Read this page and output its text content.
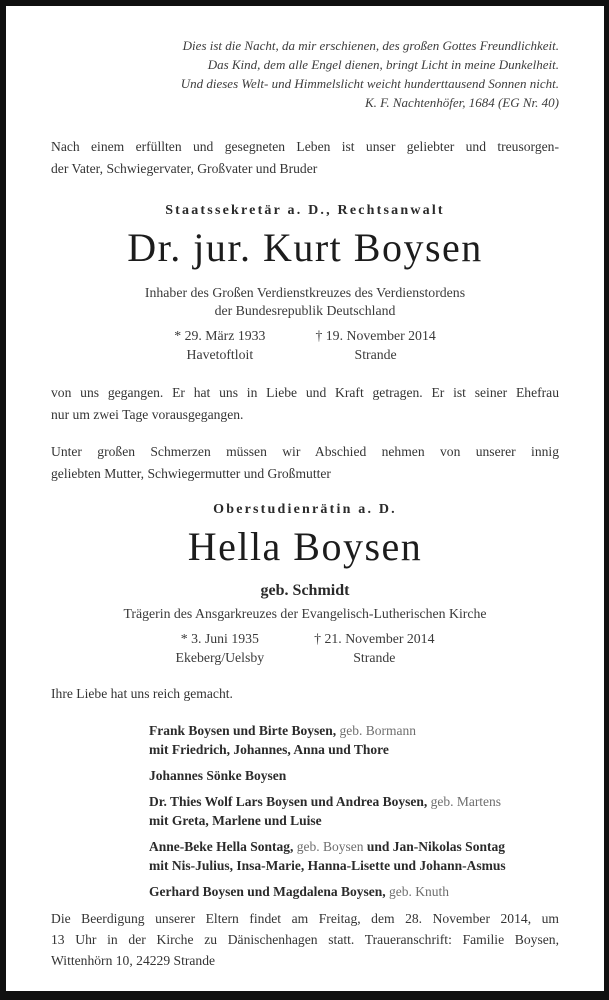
Dies ist die Nacht, da mir erschienen, des großen Gottes Freundlichkeit.
Das Kind, dem alle Engel dienen, bringt Licht in meine Dunkelheit.
Und dieses Welt- und Himmelslicht weicht hunderttausend Sonnen nicht.
K. F. Nachtenhöfer, 1684 (EG Nr. 40)
Nach einem erfüllten und gesegneten Leben ist unser geliebter und treusorgen-
der Vater, Schwiegervater, Großvater und Bruder
Staatssekretär a. D., Rechtsanwalt
Dr. jur. Kurt Boysen
Inhaber des Großen Verdienstkreuzes des Verdienstordens
der Bundesrepublik Deutschland
* 29. März 1933
Havetoftloit
† 19. November 2014
Strande
von uns gegangen. Er hat uns in Liebe und Kraft getragen. Er ist seiner Ehefrau
nur um zwei Tage vorausgegangen.
Unter großen Schmerzen müssen wir Abschied nehmen von unserer innig
geliebten Mutter, Schwiegermutter und Großmutter
Oberstudienrätin a. D.
Hella Boysen
geb. Schmidt
Trägerin des Ansgarkreuzes der Evangelisch-Lutherischen Kirche
* 3. Juni 1935
Ekeberg/Uelsby
† 21. November 2014
Strande
Ihre Liebe hat uns reich gemacht.
Frank Boysen und Birte Boysen, geb. Bormann
mit Friedrich, Johannes, Anna und Thore
Johannes Sönke Boysen
Dr. Thies Wolf Lars Boysen und Andrea Boysen, geb. Martens
mit Greta, Marlene und Luise
Anne-Beke Hella Sontag, geb. Boysen und Jan-Nikolas Sontag
mit Nis-Julius, Insa-Marie, Hanna-Lisette und Johann-Asmus
Gerhard Boysen und Magdalena Boysen, geb. Knuth
Die Beerdigung unserer Eltern findet am Freitag, dem 28. November 2014, um
13 Uhr in der Kirche zu Dänischenhagen statt. Traueranschrift: Familie Boysen,
Wittenhörn 10, 24229 Strande
